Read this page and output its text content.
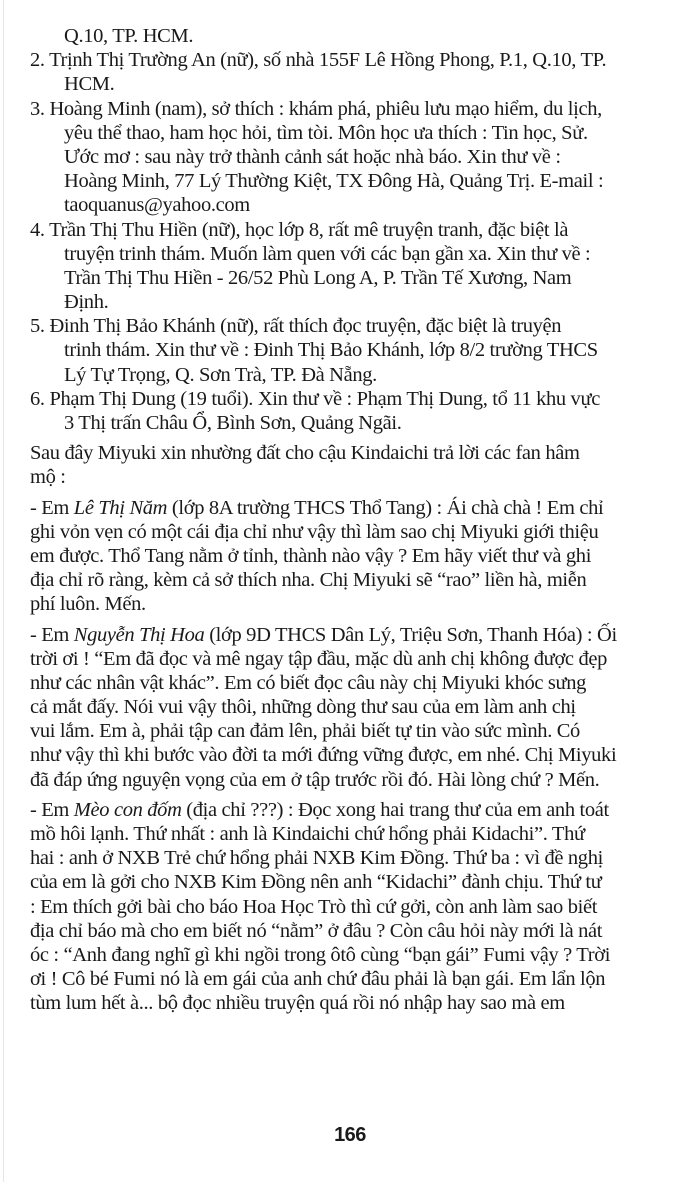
Q.10, TP. HCM.
2. Trịnh Thị Trường An (nữ), số nhà 155F Lê Hồng Phong, P.1, Q.10, TP.
HCM.
3. Hoàng Minh (nam), sở thích : khám phá, phiêu lưu mạo hiểm, du lịch,
yêu thể thao, ham học hỏi, tìm tòi. Môn học ưa thích : Tin học, Sử.
Ước mơ : sau này trở thành cảnh sát hoặc nhà báo. Xin thư về :
Hoàng Minh, 77 Lý Thường Kiệt, TX Đông Hà, Quảng Trị. E-mail :
taoquanus@yahoo.com
4. Trần Thị Thu Hiền (nữ), học lớp 8, rất mê truyện tranh, đặc biệt là
truyện trinh thám. Muốn làm quen với các bạn gần xa. Xin thư về :
Trần Thị Thu Hiền - 26/52 Phù Long A, P. Trần Tế Xương, Nam
Định.
5. Đinh Thị Bảo Khánh (nữ), rất thích đọc truyện, đặc biệt là truyện
trinh thám. Xin thư về : Đinh Thị Bảo Khánh, lớp 8/2 trường THCS
Lý Tự Trọng, Q. Sơn Trà, TP. Đà Nẵng.
6. Phạm Thị Dung (19 tuổi). Xin thư về : Phạm Thị Dung, tổ 11 khu vực
3 Thị trấn Châu Ổ, Bình Sơn, Quảng Ngãi.
Sau đây Miyuki xin nhường đất cho cậu Kindaichi trả lời các fan hâm
mộ :
- Em Lê Thị Năm (lớp 8A trường THCS Thổ Tang) : Ái chà chà ! Em chỉ
ghi vỏn vẹn có một cái địa chỉ như vậy thì làm sao chị Miyuki giới thiệu
em được. Thổ Tang nằm ở tỉnh, thành nào vậy ? Em hãy viết thư và ghi
địa chỉ rõ ràng, kèm cả sở thích nha. Chị Miyuki sẽ “rao” liền hà, miễn
phí luôn. Mến.
- Em Nguyễn Thị Hoa (lớp 9D THCS Dân Lý, Triệu Sơn, Thanh Hóa) : Ối
trời ơi ! “Em đã đọc và mê ngay tập đầu, mặc dù anh chị không được đẹp
như các nhân vật khác”. Em có biết đọc câu này chị Miyuki khóc sưng
cả mắt đấy. Nói vui vậy thôi, những dòng thư sau của em làm anh chị
vui lắm. Em à, phải tập can đảm lên, phải biết tự tin vào sức mình. Có
như vậy thì khi bước vào đời ta mới đứng vững được, em nhé. Chị Miyuki
đã đáp ứng nguyện vọng của em ở tập trước rồi đó. Hài lòng chứ ? Mến.
- Em Mèo con đốm (địa chỉ ???) : Đọc xong hai trang thư của em anh toát
mồ hôi lạnh. Thứ nhất : anh là Kindaichi chứ hổng phải Kidachi”. Thứ
hai : anh ở NXB Trẻ chứ hổng phải NXB Kim Đồng. Thứ ba : vì đề nghị
của em là gởi cho NXB Kim Đồng nên anh “Kidachi” đành chịu. Thứ tư
: Em thích gởi bài cho báo Hoa Học Trò thì cứ gởi, còn anh làm sao biết
địa chỉ báo mà cho em biết nó “nằm” ở đâu ? Còn câu hỏi này mới là nát
óc : “Anh đang nghĩ gì khi ngồi trong ôtô cùng “bạn gái” Fumi vậy ? Trời
ơi ! Cô bé Fumi nó là em gái của anh chứ đâu phải là bạn gái. Em lẩn lộn
tùm lum hết à... bộ đọc nhiều truyện quá rồi nó nhập hay sao mà em
166
